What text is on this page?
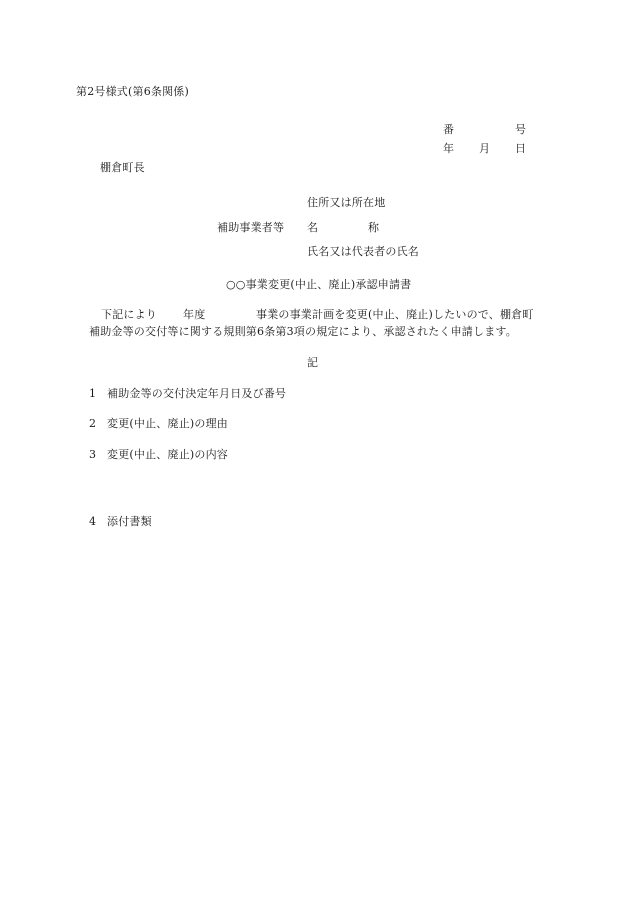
第2号様式(第6条関係)
番	号
年 月 日
棚倉町長
住所又は所在地
補助事業者等 名	称
氏名又は代表者の氏名
○○事業変更(中止、廃止)承認申請書
下記により 年度	事業の事業計画を変更(中止、廃止)したいので、棚倉町
補助金等の交付等に関する規則第6条第3項の規定により、承認されたく申請します。
記
1 補助金等の交付決定年月日及び番号
2 変更(中止、廃止)の理由
3 変更(中止、廃止)の内容
4 添付書類
